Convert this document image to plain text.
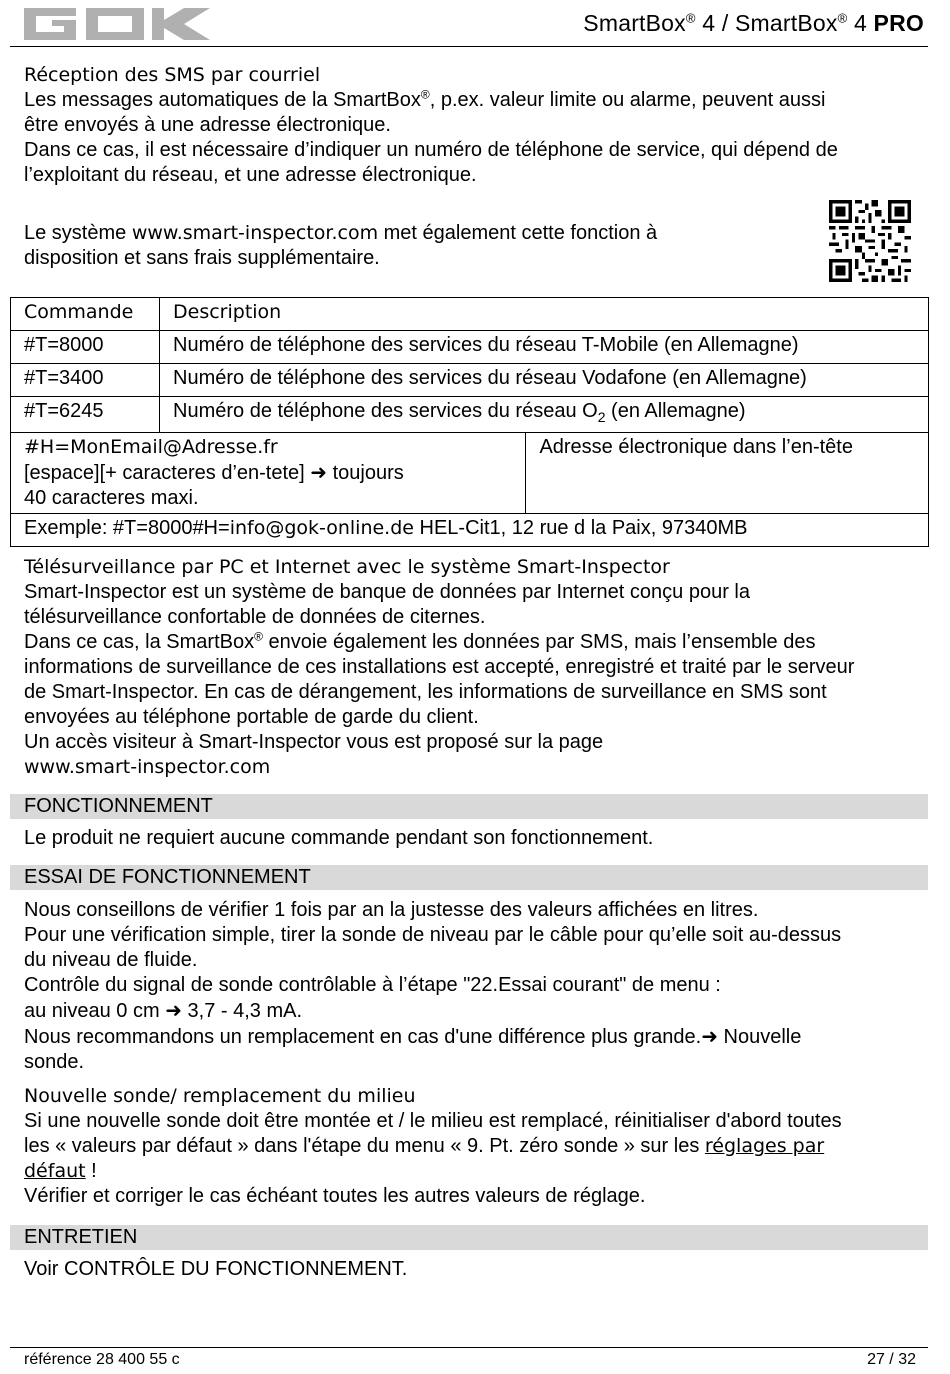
SmartBox® 4 / SmartBox® 4 PRO

Réception des SMS par courriel

Les messages automatiques de la SmartBox®, p.ex. valeur limite ou alarme, peuvent aussi

être envoyés à une adresse électronique.

Dans ce cas, il est nécessaire d’indiquer un numéro de téléphone de service, qui dépend de

l’exploitant du réseau, et une adresse électronique.

Le système www.smart-inspector.com met également cette fonction à

disposition et sans frais supplémentaire.

Commande	Description	
#T=8000	Numéro de téléphone des services du réseau T-Mobile (en Allemagne)	
#T=3400	Numéro de téléphone des services du réseau Vodafone (en Allemagne)	
#T=6245	Numéro de téléphone des services du réseau $O_2$ (en Allemagne)	

#H=MonEmail@Adresse.fr
[espace][+ caracteres d’en-tete] ➜ toujours
40 caracteres maxi.		Adresse électronique dans l’en-tête
Exemple: #T=8000#H=info@gok-online.de HEL-Cit1, 12 rue d la Paix, 97340MB		

Télésurveillance par PC et Internet avec le système Smart-Inspector

Smart-Inspector est un système de banque de données par Internet conçu pour la

télésurveillance confortable de données de citernes.

Dans ce cas, la SmartBox® envoie également les données par SMS, mais l’ensemble des

informations de surveillance de ces installations est accepté, enregistré et traité par le serveur

de Smart-Inspector. En cas de dérangement, les informations de surveillance en SMS sont

envoyées au téléphone portable de garde du client.

Un accès visiteur à Smart-Inspector vous est proposé sur la page

www.smart-inspector.com

FONCTIONNEMENT

Le produit ne requiert aucune commande pendant son fonctionnement.

ESSAI DE FONCTIONNEMENT

Nous conseillons de vérifier 1 fois par an la justesse des valeurs affichées en litres.

Pour une vérification simple, tirer la sonde de niveau par le câble pour qu’elle soit au-dessus

du niveau de fluide.

Contrôle du signal de sonde contrôlable à l’étape "22.Essai courant" de menu :

au niveau 0 cm ➜ 3,7 - 4,3 mA.

Nous recommandons un remplacement en cas d'une différence plus grande.➜ Nouvelle

sonde.

Nouvelle sonde/ remplacement du milieu

Si une nouvelle sonde doit être montée et / le milieu est remplacé, réinitialiser d'abord toutes

les « valeurs par défaut » dans l'étape du menu « 9. Pt. zéro sonde » sur les réglages par

défaut !

Vérifier et corriger le cas échéant toutes les autres valeurs de réglage.

ENTRETIEN

Voir CONTRÔLE DU FONCTIONNEMENT.

référence 28 400 55 c	27 / 32
